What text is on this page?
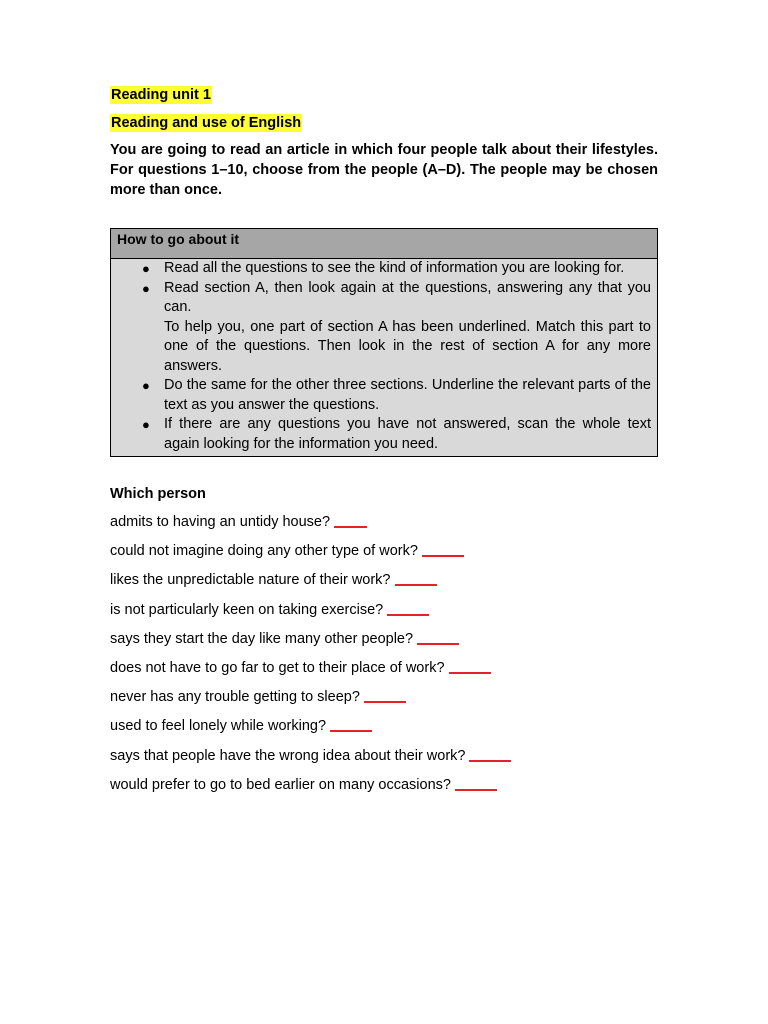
Reading unit 1
Reading and use of English
You are going to read an article in which four people talk about their lifestyles. For questions 1–10, choose from the people (A–D). The people may be chosen more than once.
How to go about it
● Read all the questions to see the kind of information you are looking for.
● Read section A, then look again at the questions, answering any that you can.
To help you, one part of section A has been underlined. Match this part to one of the questions. Then look in the rest of section A for any more answers.
● Do the same for the other three sections. Underline the relevant parts of the text as you answer the questions.
● If there are any questions you have not answered, scan the whole text again looking for the information you need.
Which person
admits to having an untidy house?
could not imagine doing any other type of work?
likes the unpredictable nature of their work?
is not particularly keen on taking exercise?
says they start the day like many other people?
does not have to go far to get to their place of work?
never has any trouble getting to sleep?
used to feel lonely while working?
says that people have the wrong idea about their work?
would prefer to go to bed earlier on many occasions?
